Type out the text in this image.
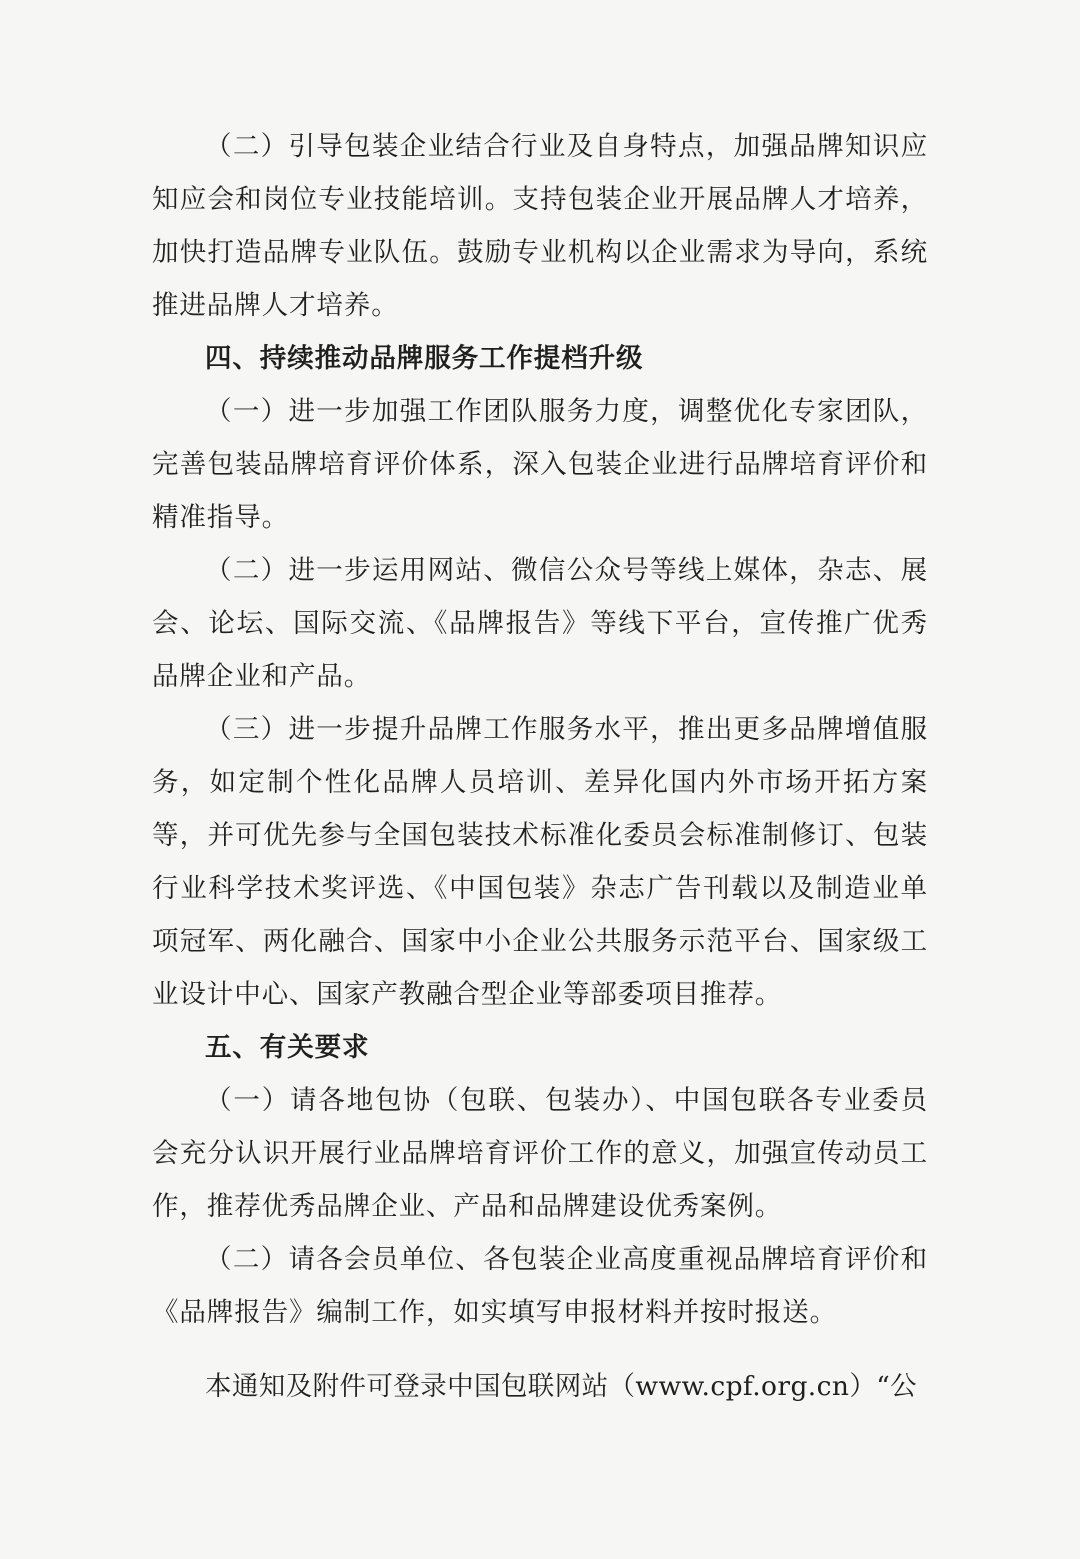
（二）引导包装企业结合行业及自身特点，加强品牌知识应知应会和岗位专业技能培训。支持包装企业开展品牌人才培养，加快打造品牌专业队伍。鼓励专业机构以企业需求为导向，系统推进品牌人才培养。

四、持续推动品牌服务工作提档升级

（一）进一步加强工作团队服务力度，调整优化专家团队，完善包装品牌培育评价体系，深入包装企业进行品牌培育评价和精准指导。

（二）进一步运用网站、微信公众号等线上媒体，杂志、展会、论坛、国际交流、《品牌报告》等线下平台，宣传推广优秀品牌企业和产品。

（三）进一步提升品牌工作服务水平，推出更多品牌增值服务，如定制个性化品牌人员培训、差异化国内外市场开拓方案等，并可优先参与全国包装技术标准化委员会标准制修订、包装行业科学技术奖评选、《中国包装》杂志广告刊载以及制造业单项冠军、两化融合、国家中小企业公共服务示范平台、国家级工业设计中心、国家产教融合型企业等部委项目推荐。

五、有关要求

（一）请各地包协（包联、包装办）、中国包联各专业委员会充分认识开展行业品牌培育评价工作的意义，加强宣传动员工作，推荐优秀品牌企业、产品和品牌建设优秀案例。

（二）请各会员单位、各包装企业高度重视品牌培育评价和《品牌报告》编制工作，如实填写申报材料并按时报送。

本通知及附件可登录中国包联网站（www.cpf.org.cn）“公
